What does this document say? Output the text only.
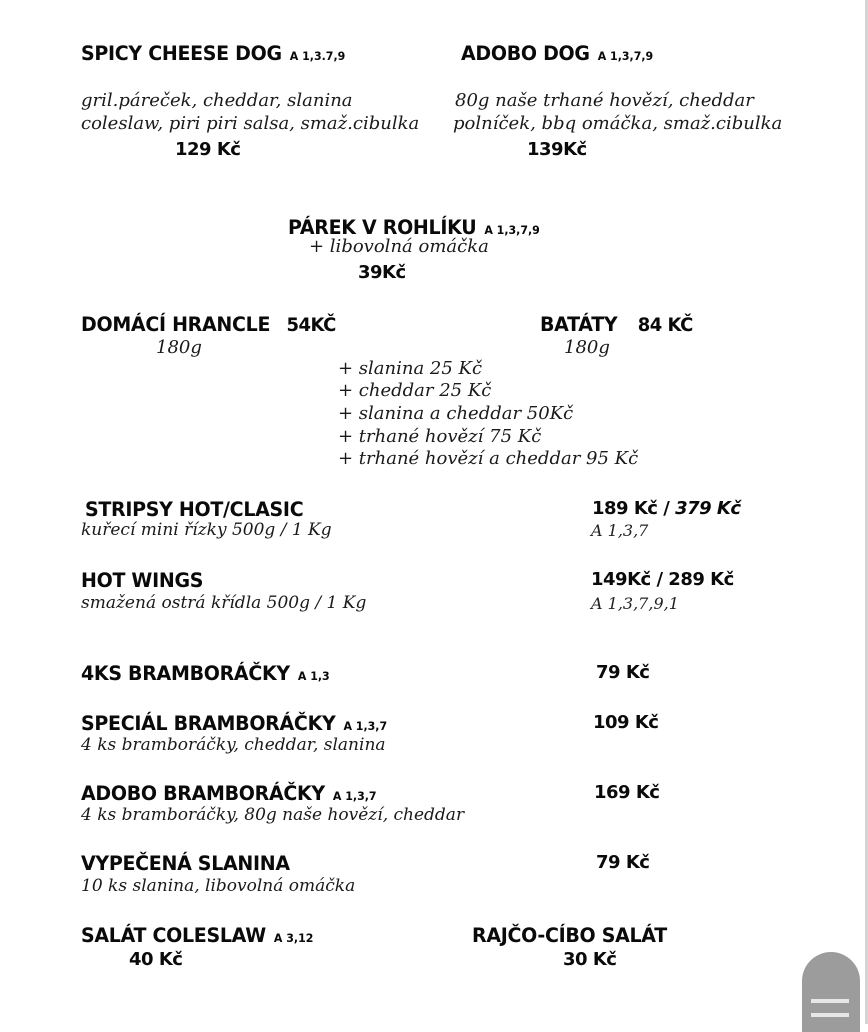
SPICY CHEESE DOG A 1,3.7,9
gril.páreček, cheddar, slanina
coleslaw, piri piri salsa, smaž.cibulka
129 Kč
ADOBO DOG A 1,3,7,9
80g naše trhané hovězí, cheddar
polníček, bbq omáčka, smaž.cibulka
139Kč
PÁREK V ROHLÍKU A 1,3,7,9
+ libovolná omáčka
39Kč
DOMÁCÍ HRANCLE 54KČ
180g
BATÁTY 84 KČ
180g
+ slanina 25 Kč
+ cheddar 25 Kč
+ slanina a cheddar 50Kč
+ trhané hovězí 75 Kč
+ trhané hovězí a cheddar 95 Kč
STRIPSY HOT/CLASIC
kuřecí mini řízky 500g / 1 Kg
189 Kč / 379 Kč
A 1,3,7
HOT WINGS
smažená ostrá křídla 500g / 1 Kg
149Kč / 289 Kč
A 1,3,7,9,1
4KS BRAMBORÁČKY A 1,3	79 Kč
SPECIÁL BRAMBORÁČKY A 1,3,7
4 ks bramboráčky, cheddar, slanina
109 Kč
ADOBO BRAMBORÁČKY A 1,3,7
4 ks bramboráčky, 80g naše hovězí, cheddar
169 Kč
VYPEČENÁ SLANINA
10 ks slanina, libovolná omáčka
79 Kč
SALÁT COLESLAW A 3,12
40 Kč
RAJČO-CÍBO SALÁT
30 Kč
